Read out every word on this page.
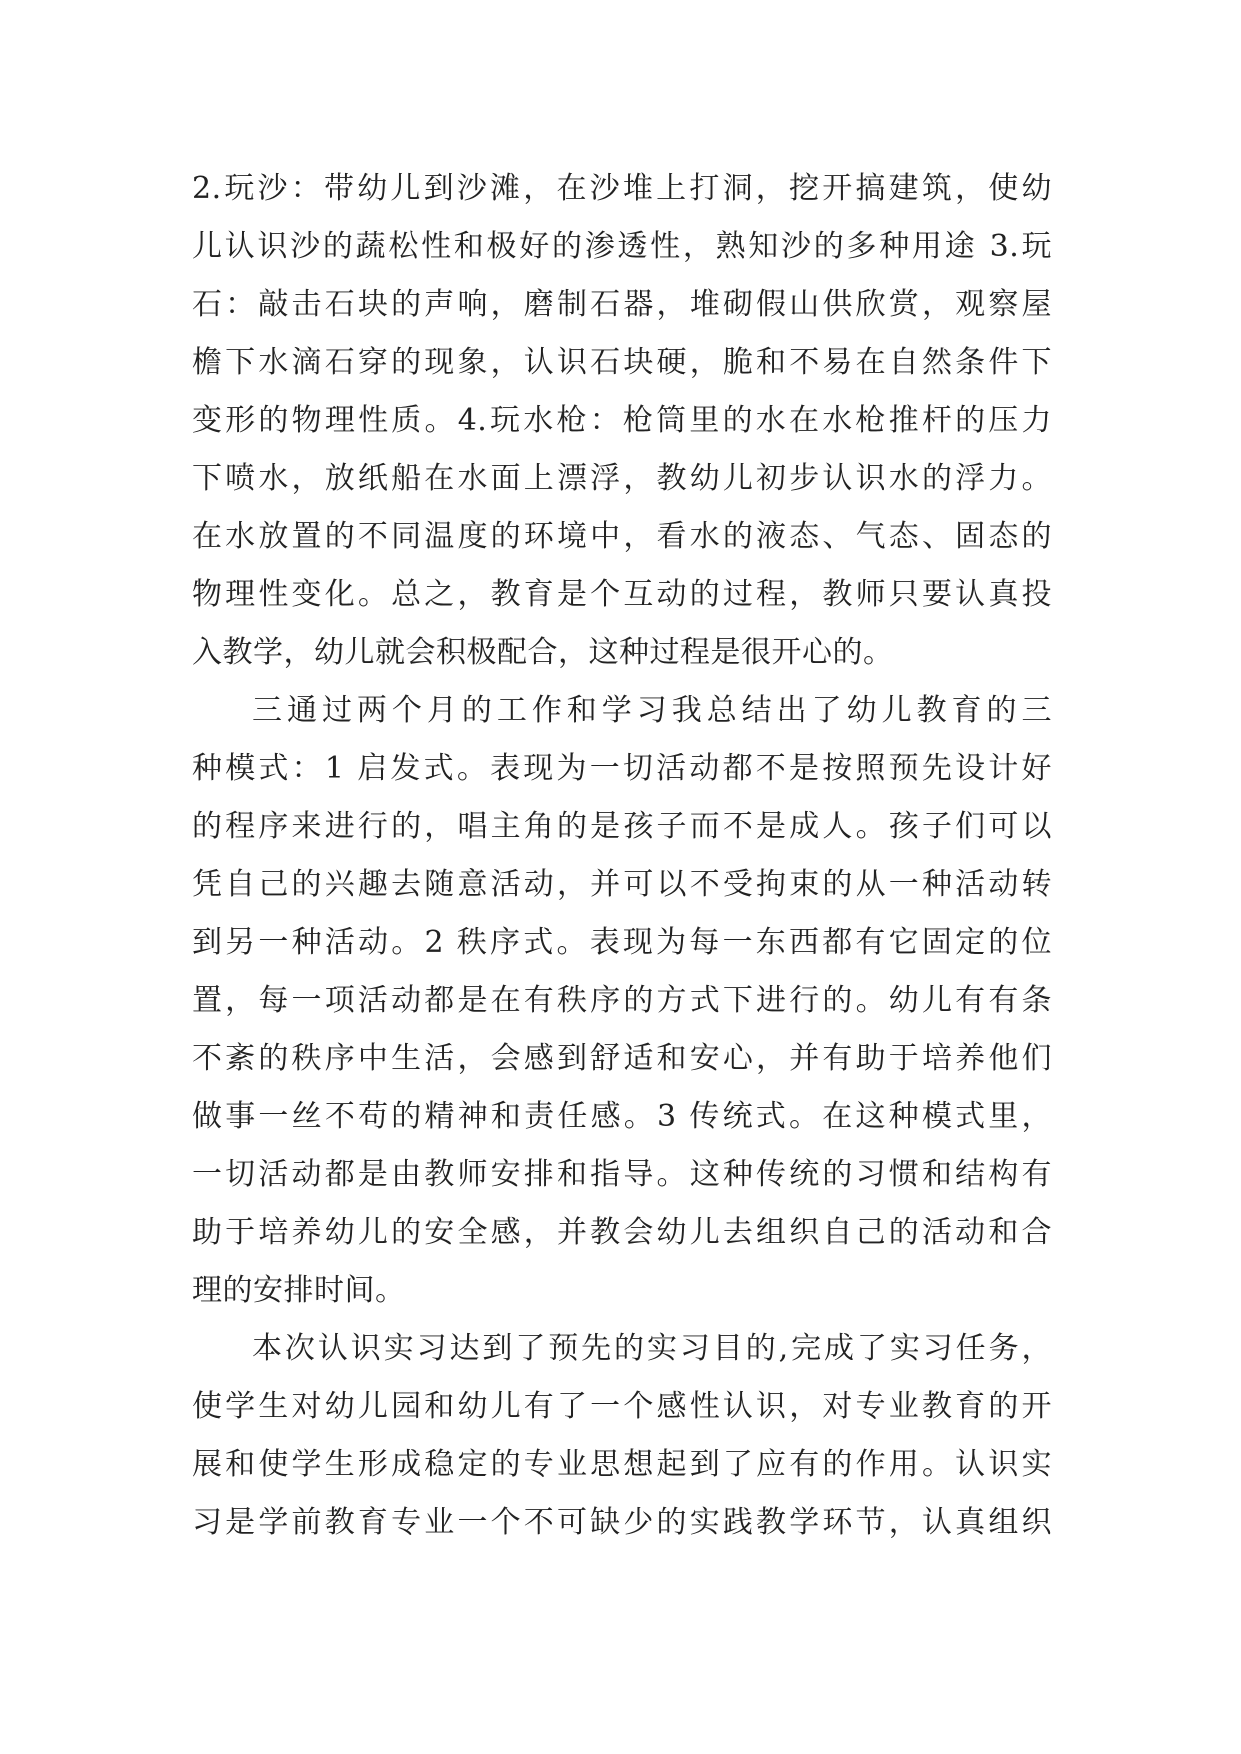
2.玩沙：带幼儿到沙滩，在沙堆上打洞，挖开搞建筑，使幼
儿认识沙的蔬松性和极好的渗透性，熟知沙的多种用途 3.玩
石：敲击石块的声响，磨制石器，堆砌假山供欣赏，观察屋
檐下水滴石穿的现象，认识石块硬，脆和不易在自然条件下
变形的物理性质。4.玩水枪：枪筒里的水在水枪推杆的压力
下喷水，放纸船在水面上漂浮，教幼儿初步认识水的浮力。
在水放置的不同温度的环境中，看水的液态、气态、固态的
物理性变化。总之，教育是个互动的过程，教师只要认真投
入教学，幼儿就会积极配合，这种过程是很开心的。
三通过两个月的工作和学习我总结出了幼儿教育的三
种模式：1 启发式。表现为一切活动都不是按照预先设计好
的程序来进行的，唱主角的是孩子而不是成人。孩子们可以
凭自己的兴趣去随意活动，并可以不受拘束的从一种活动转
到另一种活动。2 秩序式。表现为每一东西都有它固定的位
置，每一项活动都是在有秩序的方式下进行的。幼儿有有条
不紊的秩序中生活，会感到舒适和安心，并有助于培养他们
做事一丝不苟的精神和责任感。3 传统式。在这种模式里，
一切活动都是由教师安排和指导。这种传统的习惯和结构有
助于培养幼儿的安全感，并教会幼儿去组织自己的活动和合
理的安排时间。
本次认识实习达到了预先的实习目的,完成了实习任务，
使学生对幼儿园和幼儿有了一个感性认识，对专业教育的开
展和使学生形成稳定的专业思想起到了应有的作用。认识实
习是学前教育专业一个不可缺少的实践教学环节，认真组织
